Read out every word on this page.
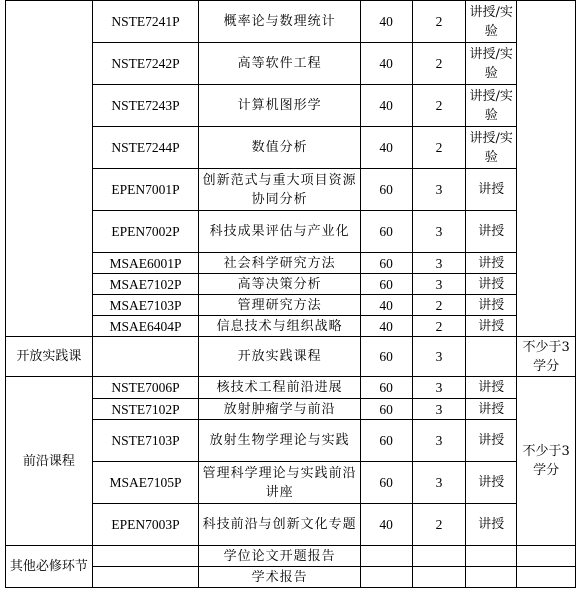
	NSTE7241P	概率论与数理统计	40	2	讲授/实验	
	NSTE7242P	高等软件工程	40	2	讲授/实验	
	NSTE7243P	计算机图形学	40	2	讲授/实验	
	NSTE7244P	数值分析	40	2	讲授/实验	
	EPEN7001P	创新范式与重大项目资源协同分析	60	3	讲授	
	EPEN7002P	科技成果评估与产业化	60	3	讲授	
	MSAE6001P	社会科学研究方法	60	3	讲授	
	MSAE7102P	高等决策分析	60	3	讲授	
	MSAE7103P	管理研究方法	40	2	讲授	
	MSAE6404P	信息技术与组织战略	40	2	讲授	
开放实践课		开放实践课程	60	3		不少于3学分
前沿课程	NSTE7006P	核技术工程前沿进展	60	3	讲授	不少于3学分
	NSTE7102P	放射肿瘤学与前沿	60	3	讲授	
	NSTE7103P	放射生物学理论与实践	60	3	讲授	
	MSAE7105P	管理科学理论与实践前沿讲座	60	3	讲授	
	EPEN7003P	科技前沿与创新文化专题	40	2	讲授	
其他必修环节		学位论文开题报告				
		学术报告				
